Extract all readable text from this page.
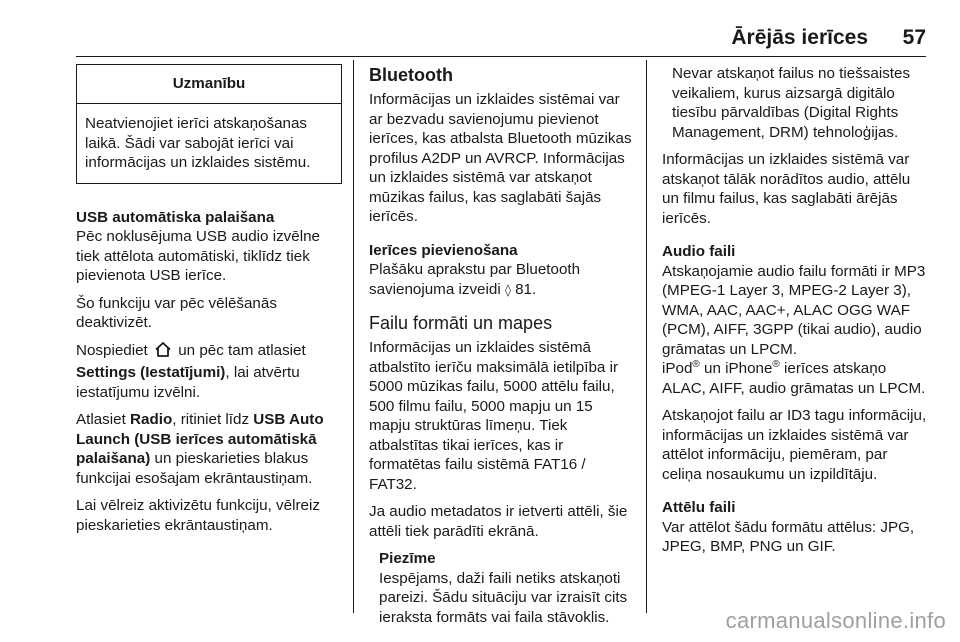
Ārējās ierīces	57
Uzmanību
Neatvienojiet ierīci atskaņošanas laikā. Šādi var sabojāt ierīci vai informācijas un izklaides sistēmu.
USB automātiska palaišana

Pēc noklusējuma USB audio izvēlne tiek attēlota automātiski, tiklīdz tiek pievienota USB ierīce.

Šo funkciju var pēc vēlēšanās deaktivizēt.

Nospiediet un pēc tam atlasiet Settings (Iestatījumi), lai atvērtu iestatījumu izvēlni.

Atlasiet Radio, ritiniet līdz USB Auto Launch (USB ierīces automātiskā palaišana) un pieskarieties blakus funkcijai esošajam ekrāntaustiņam.

Lai vēlreiz aktivizētu funkciju, vēlreiz pieskarieties ekrāntaustiņam.

Bluetooth

Informācijas un izklaides sistēmai var ar bezvadu savienojumu pievienot ierīces, kas atbalsta Bluetooth mūzikas profilus A2DP un AVRCP. Informācijas un izklaides sistēmā var atskaņot mūzikas failus, kas saglabāti šajās ierīcēs.

Ierīces pievienošana

Plašāku aprakstu par Bluetooth savienojuma izveidi ◊ 81.

Failu formāti un mapes

Informācijas un izklaides sistēmā atbalstīto ierīču maksimālā ietilpība ir 5000 mūzikas failu, 5000 attēlu failu, 500 filmu failu, 5000 mapju un 15 mapju struktūras līmeņu. Tiek atbalstītas tikai ierīces, kas ir formatētas failu sistēmā FAT16 / FAT32.

Ja audio metadatos ir ietverti attēli, šie attēli tiek parādīti ekrānā.

Piezīme
Iespējams, daži faili netiks atskaņoti pareizi. Šādu situāciju var izraisīt cits ieraksta formāts vai faila stāvoklis.

Nevar atskaņot failus no tiešsaistes veikaliem, kurus aizsargā digitālo tiesību pārvaldības (Digital Rights Management, DRM) tehnoloģijas.

Informācijas un izklaides sistēmā var atskaņot tālāk norādītos audio, attēlu un filmu failus, kas saglabāti ārējās ierīcēs.

Audio faili

Atskaņojamie audio failu formāti ir MP3 (MPEG-1 Layer 3, MPEG-2 Layer 3), WMA, AAC, AAC+, ALAC OGG WAF (PCM), AIFF, 3GPP (tikai audio), audio grāmatas un LPCM.

iPod® un iPhone® ierīces atskaņo ALAC, AIFF, audio grāmatas un LPCM.

Atskaņojot failu ar ID3 tagu informāciju, informācijas un izklaides sistēmā var attēlot informāciju, piemēram, par celiņa nosaukumu un izpildītāju.

Attēlu faili

Var attēlot šādu formātu attēlus: JPG, JPEG, BMP, PNG un GIF.

carmanualsonline.info
